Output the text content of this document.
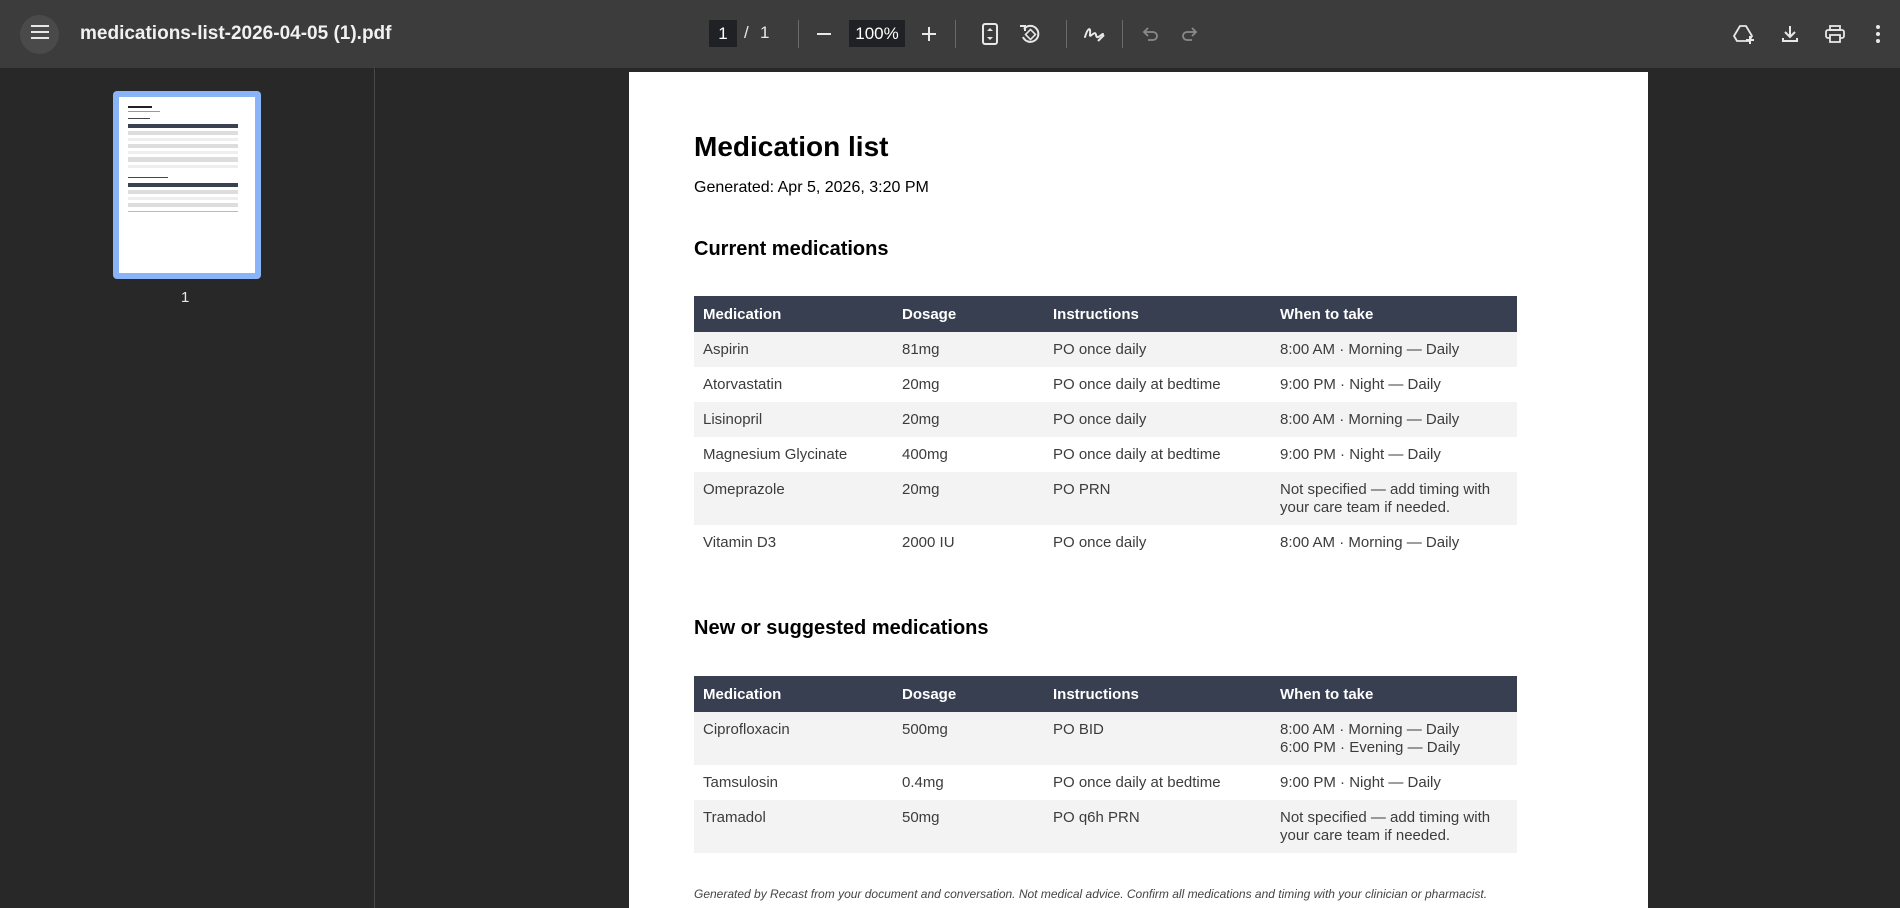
medications-list-2026-04-05 (1).pdf	1 / 1	100%
1
Medication list
Generated: Apr 5, 2026, 3:20 PM
Current medications
Medication	Dosage	Instructions	When to take
Aspirin	81mg	PO once daily	8:00 AM · Morning — Daily
Atorvastatin	20mg	PO once daily at bedtime	9:00 PM · Night — Daily
Lisinopril	20mg	PO once daily	8:00 AM · Morning — Daily
Magnesium Glycinate	400mg	PO once daily at bedtime	9:00 PM · Night — Daily
Omeprazole	20mg	PO PRN	Not specified — add timing with your care team if needed.
Vitamin D3	2000 IU	PO once daily	8:00 AM · Morning — Daily
New or suggested medications
Medication	Dosage	Instructions	When to take
Ciprofloxacin	500mg	PO BID	8:00 AM · Morning — Daily
6:00 PM · Evening — Daily
Tamsulosin	0.4mg	PO once daily at bedtime	9:00 PM · Night — Daily
Tramadol	50mg	PO q6h PRN	Not specified — add timing with your care team if needed.
Generated by Recast from your document and conversation. Not medical advice. Confirm all medications and timing with your clinician or pharmacist.
